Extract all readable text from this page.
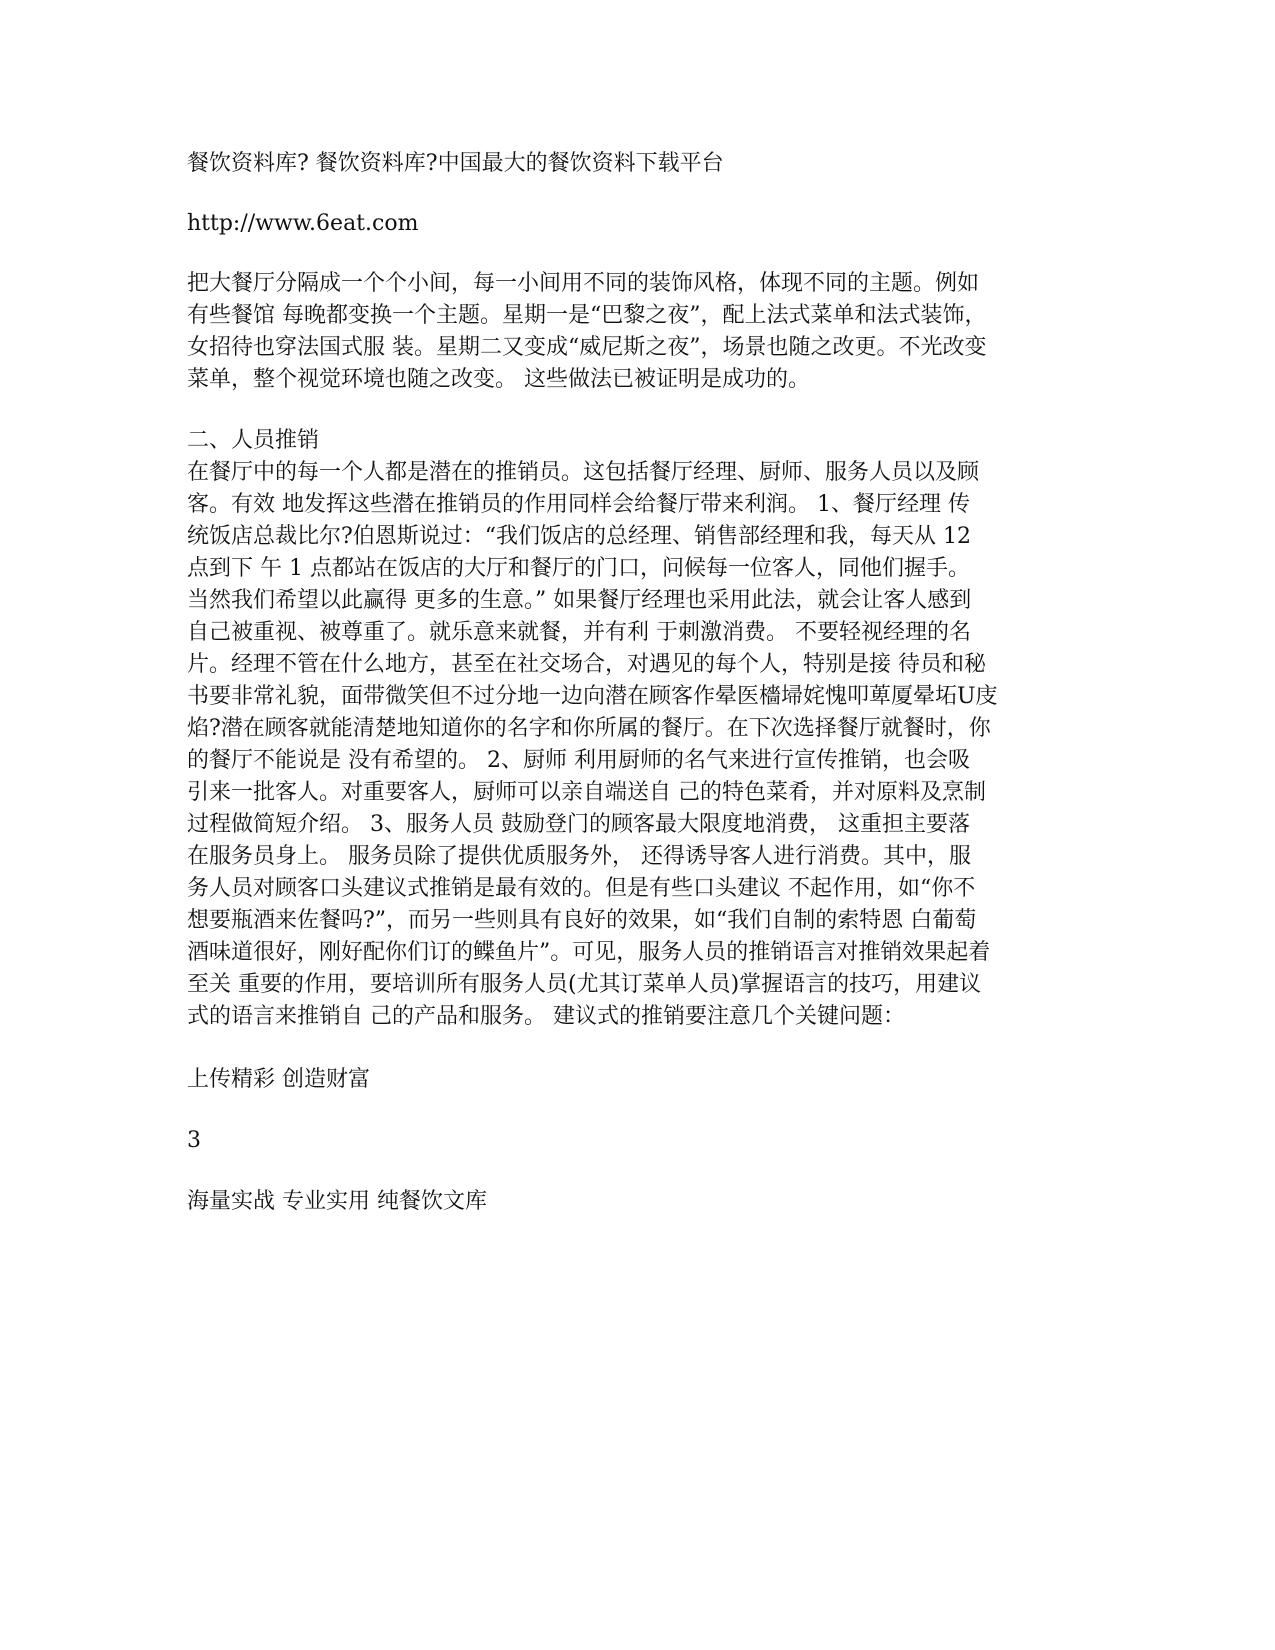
餐饮资料库? 餐饮资料库?中国最大的餐饮资料下载平台

http://www.6eat.com

把大餐厅分隔成一个个小间，每一小间用不同的装饰风格，体现不同的主题。例如
有些餐馆 每晚都变换一个主题。星期一是“巴黎之夜”，配上法式菜单和法式装饰，
女招待也穿法国式服 装。星期二又变成“威尼斯之夜”，场景也随之改更。不光改变
菜单，整个视觉环境也随之改变。 这些做法已被证明是成功的。

二、人员推销

在餐厅中的每一个人都是潜在的推销员。这包括餐厅经理、厨师、服务人员以及顾
客。有效 地发挥这些潜在推销员的作用同样会给餐厅带来利润。 1、餐厅经理 传
统饭店总裁比尔?伯恩斯说过：“我们饭店的总经理、销售部经理和我，每天从 12
点到下 午 1 点都站在饭店的大厅和餐厅的门口，问候每一位客人，同他们握手。
当然我们希望以此赢得 更多的生意。” 如果餐厅经理也采用此法，就会让客人感到
自己被重视、被尊重了。就乐意来就餐，并有利 于刺激消费。 不要轻视经理的名
片。经理不管在什么地方，甚至在社交场合，对遇见的每个人，特别是接 待员和秘
书要非常礼貌，面带微笑但不过分地一边向潜在顾客作晕医檣埽姹愧叩萆厦晕坧U庋
焰?潜在顾客就能清楚地知道你的名字和你所属的餐厅。在下次选择餐厅就餐时，你
的餐厅不能说是 没有希望的。 2、厨师 利用厨师的名气来进行宣传推销，也会吸
引来一批客人。对重要客人，厨师可以亲自端送自 己的特色菜肴，并对原料及烹制
过程做简短介绍。 3、服务人员 鼓励登门的顾客最大限度地消费， 这重担主要落
在服务员身上。 服务员除了提供优质服务外， 还得诱导客人进行消费。其中，服
务人员对顾客口头建议式推销是最有效的。但是有些口头建议 不起作用，如“你不
想要瓶酒来佐餐吗?”，而另一些则具有良好的效果，如“我们自制的索特恩 白葡萄
酒味道很好，刚好配你们订的鲽鱼片”。可见，服务人员的推销语言对推销效果起着
至关 重要的作用，要培训所有服务人员(尤其订菜单人员)掌握语言的技巧，用建议
式的语言来推销自 己的产品和服务。 建议式的推销要注意几个关键问题：

上传精彩 创造财富

3

海量实战 专业实用 纯餐饮文库
